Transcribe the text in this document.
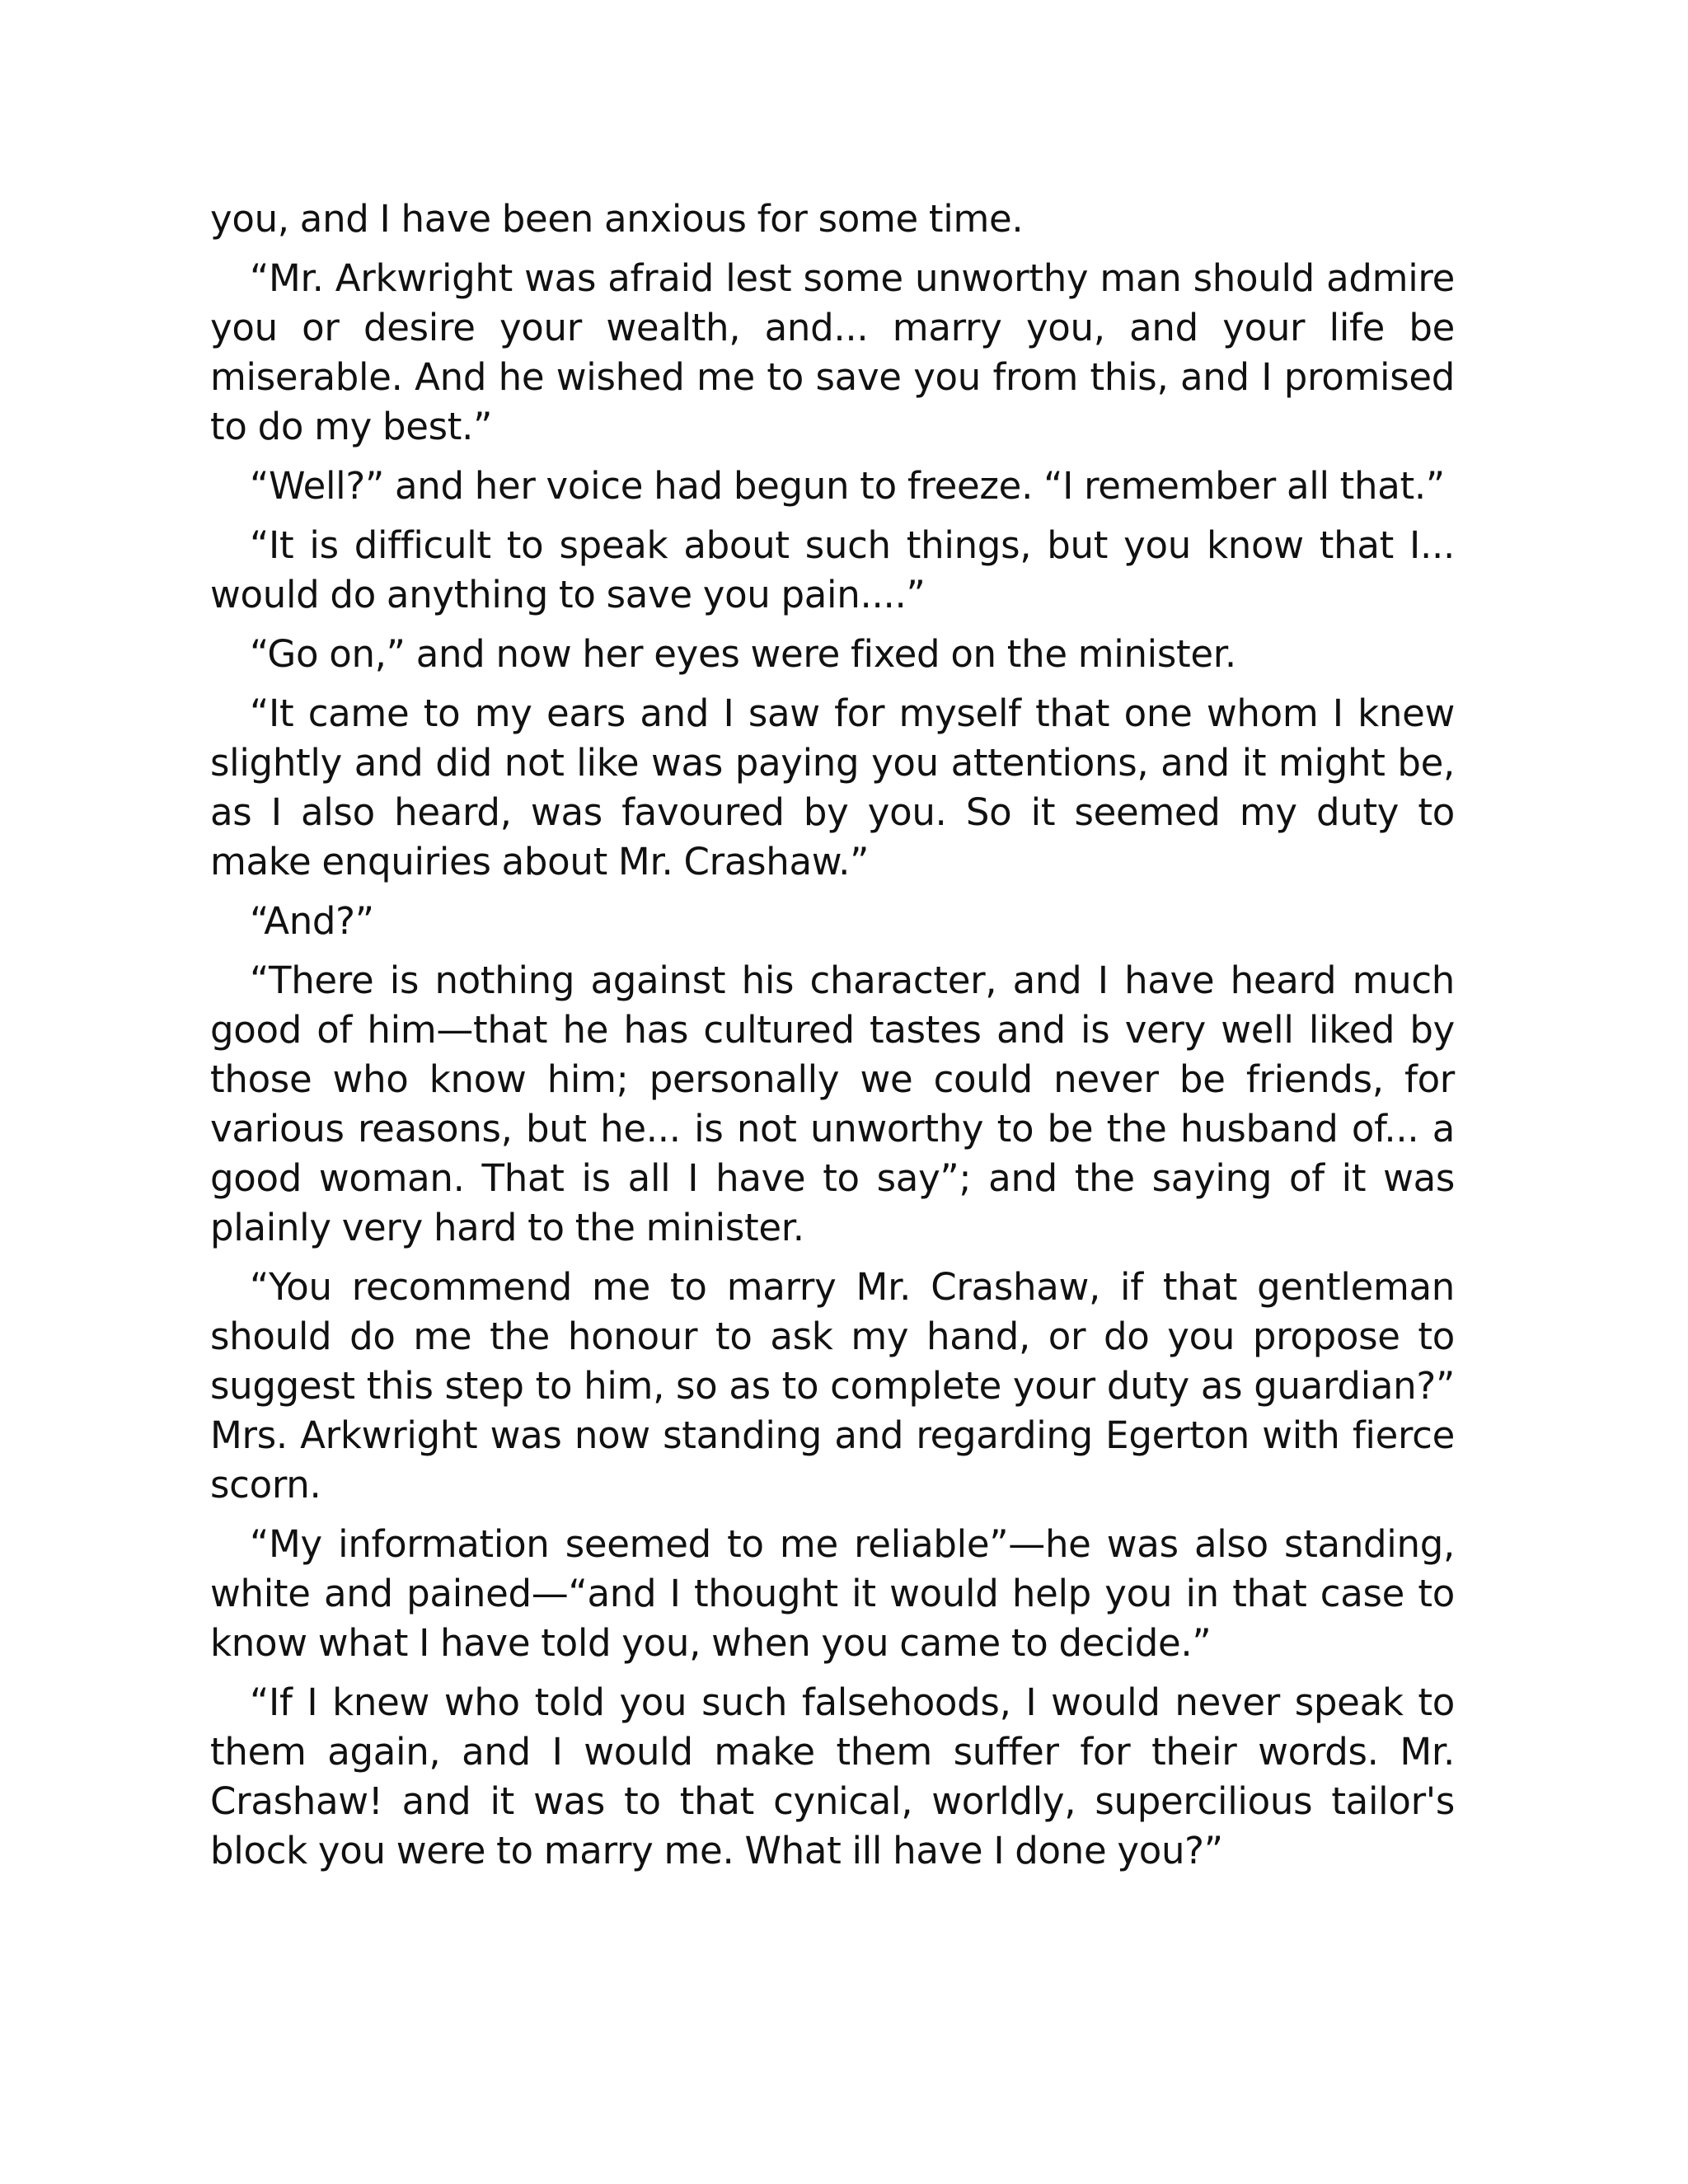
you, and I have been anxious for some time.

“Mr. Arkwright was afraid lest some unworthy man should admire you or desire your wealth, and... marry you, and your life be miserable. And he wished me to save you from this, and I promised to do my best.”

“Well?” and her voice had begun to freeze. “I remember all that.”

“It is difficult to speak about such things, but you know that I... would do anything to save you pain....”

“Go on,” and now her eyes were fixed on the minister.

“It came to my ears and I saw for myself that one whom I knew slightly and did not like was paying you attentions, and it might be, as I also heard, was favoured by you. So it seemed my duty to make enquiries about Mr. Crashaw.”

“And?”

“There is nothing against his character, and I have heard much good of him—that he has cultured tastes and is very well liked by those who know him; personally we could never be friends, for various reasons, but he... is not unworthy to be the husband of... a good woman. That is all I have to say”; and the saying of it was plainly very hard to the minister.

“You recommend me to marry Mr. Crashaw, if that gentleman should do me the honour to ask my hand, or do you propose to suggest this step to him, so as to complete your duty as guardian?” Mrs. Arkwright was now standing and regarding Egerton with fierce scorn.

“My information seemed to me reliable”—he was also standing, white and pained—“and I thought it would help you in that case to know what I have told you, when you came to decide.”

“If I knew who told you such falsehoods, I would never speak to them again, and I would make them suffer for their words. Mr. Crashaw! and it was to that cynical, worldly, supercilious tailor's block you were to marry me. What ill have I done you?”
